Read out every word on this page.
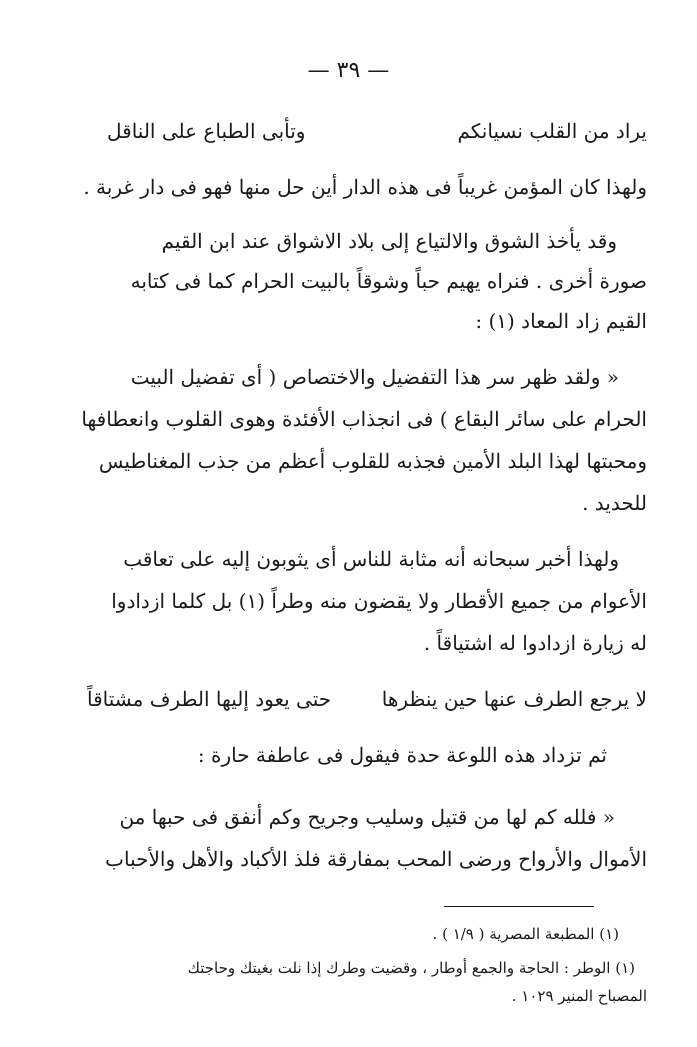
— ٣٩ —
يراد من القلب نسيانكم
وتأبى الطباع على الناقل
ولهذا كان المؤمن غريباً فى هذه الدار أين حل منها فهو فى دار غربة .
وقد يأخذ الشوق والالتياع إلى بلاد الاشواق عند ابن القيم
صورة أخرى . فنراه يهيم حباً وشوقاً بالبيت الحرام كما فى كتابه
القيم زاد المعاد (١) :
« ولقد ظهر سر هذا التفضيل والاختصاص ( أى تفضيل البيت
الحرام على سائر البقاع ) فى انجذاب الأفئدة وهوى القلوب وانعطافها
ومحبتها لهذا البلد الأمين فجذبه للقلوب أعظم من جذب المغناطيس
للحديد .
ولهذا أخبر سبحانه أنه مثابة للناس أى يثوبون إليه على تعاقب
الأعوام من جميع الأقطار ولا يقضون منه وطراً (١) بل كلما ازدادوا
له زيارة ازدادوا له اشتياقاً .
لا يرجع الطرف عنها حين ينظرها
حتى يعود إليها الطرف مشتاقاً
ثم تزداد هذه اللوعة حدة فيقول فى عاطفة حارة :
« فلله كم لها من قتيل وسليب وجريح وكم أنفق فى حبها من
الأموال والأرواح ورضى المحب بمفارقة فلذ الأكباد والأهل والأحباب
(١) المطبعة المصرية ( ١/٩ ) .
(١) الوطر : الحاجة والجمع أوطار ، وقضيت وطرك إذا نلت بغيتك وحاجتك
المصباح المنير ١٠٢٩ .
